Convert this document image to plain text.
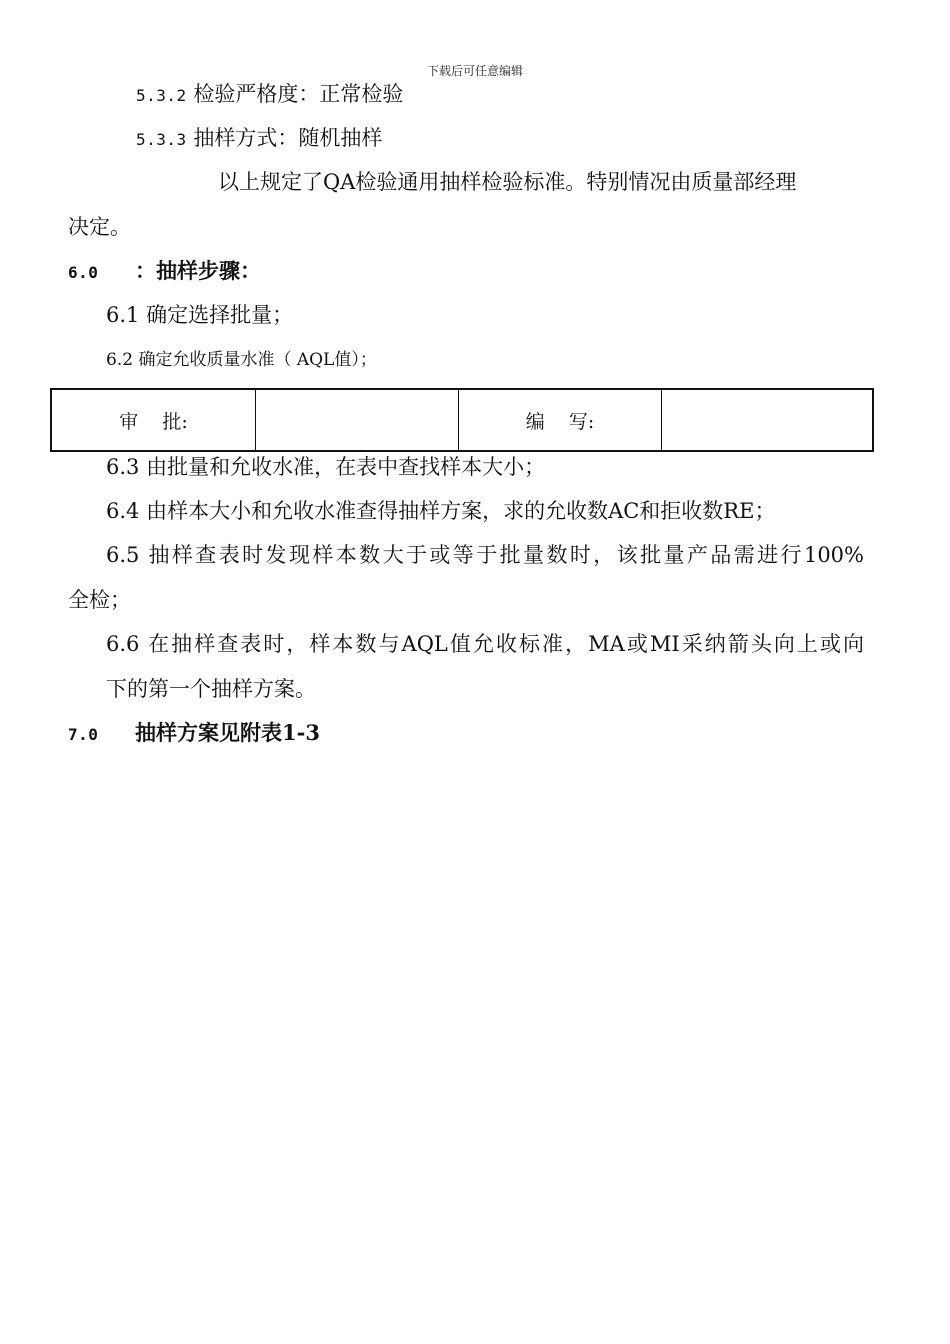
下载后可任意编辑
5.3.2 检验严格度：正常检验
5.3.3 抽样方式：随机抽样
以上规定了QA检验通用抽样检验标准。特别情况由质量部经理
决定。
6.0 ：抽样步骤：
6.1 确定选择批量；
6.2 确定允收质量水准（ AQL值）；
审    批:	编    写:
6.3 由批量和允收水准，在表中查找样本大小；
6.4 由样本大小和允收水准查得抽样方案，求的允收数AC和拒收数RE；
6.5 抽样查表时发现样本数大于或等于批量数时，该批量产品需进行100%
全检；
6.6 在抽样查表时，样本数与AQL值允收标准，MA或MI采纳箭头向上或向
下的第一个抽样方案。
7.0 抽样方案见附表1-3
